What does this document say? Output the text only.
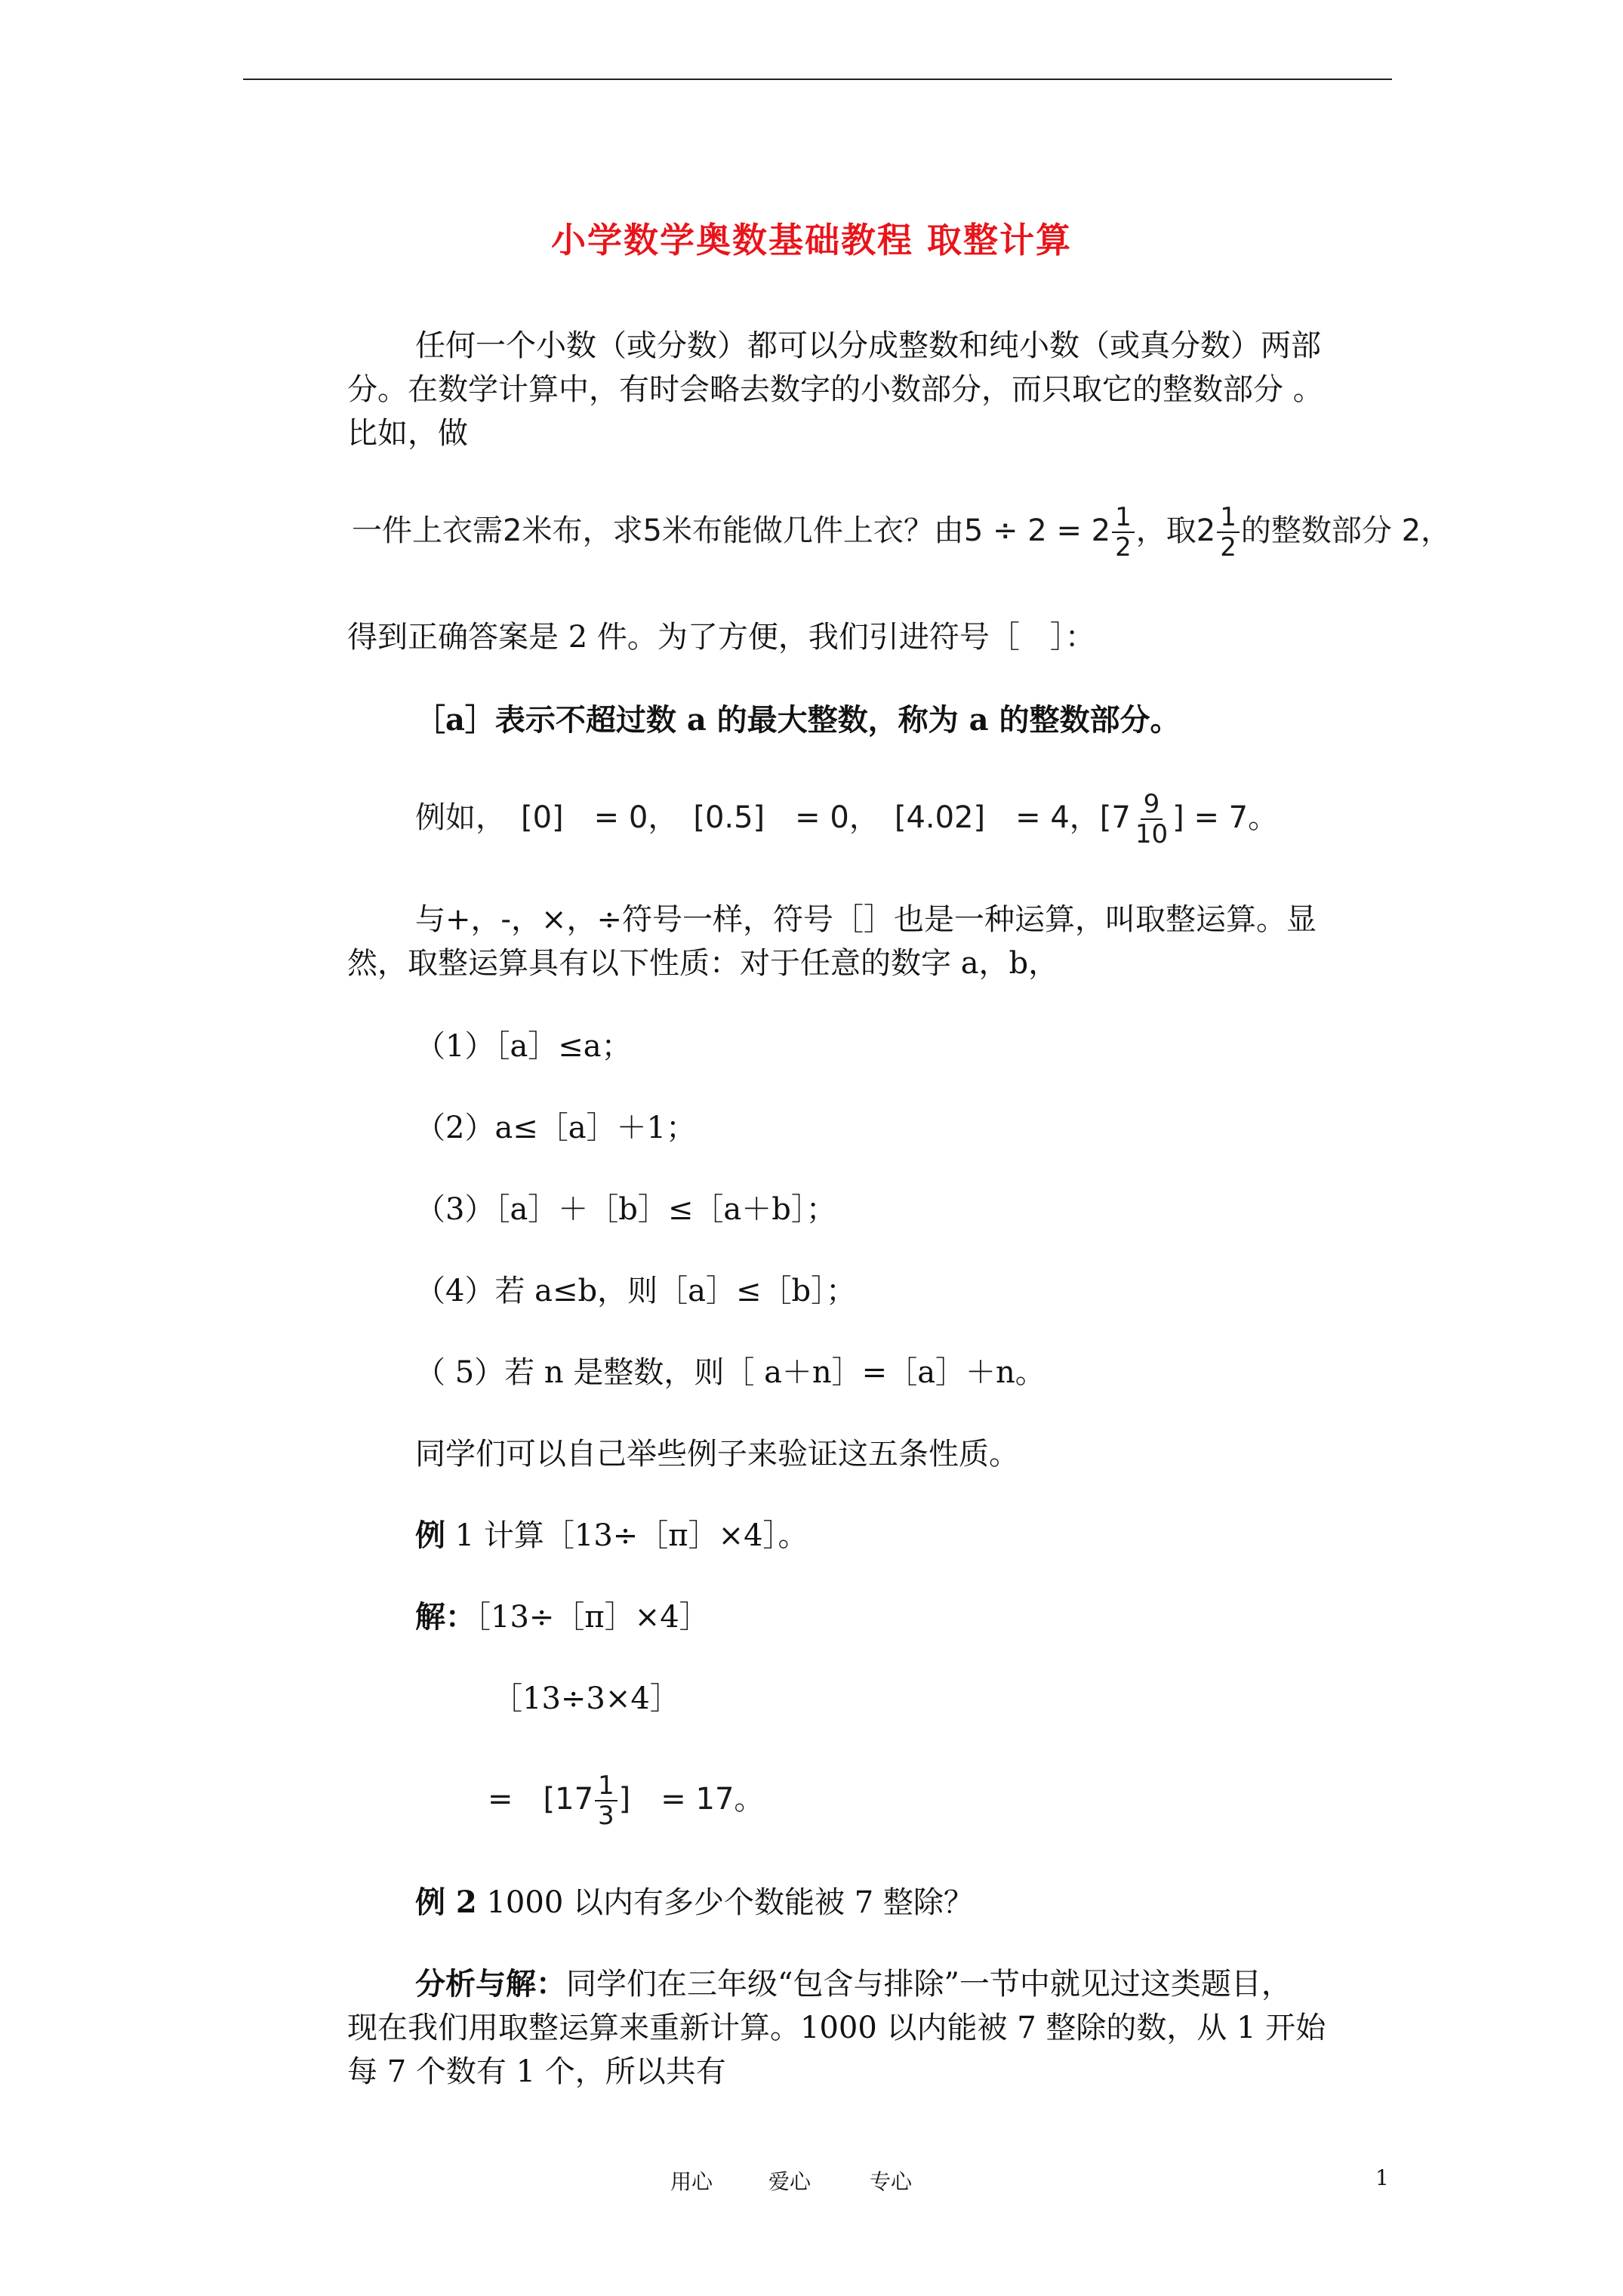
小学数学奥数基础教程 取整计算
任何一个小数（或分数）都可以分成整数和纯小数（或真分数）两部
分。在数学计算中，有时会略去数字的小数部分，而只取它的整数部分 。
比如，做
一件上衣需2米布，求5米布能做几件上衣？由$5 \div 2 = 2 \frac{1}{2}$ ，取$2 \frac{1}{2}$ 的整数部分 2，
得到正确答案是 2 件。为了方便，我们引进符号［　］：
［a］表示不超过数 a 的最大整数，称为 a 的整数部分。
例如，　[0]　= 0，　[0.5]　= 0，　[4.02]　= 4，[$7 \frac{9}{10}$ ] = 7。
与+，-，×，÷符号一样，符号［］也是一种运算，叫取整运算。显
然，取整运算具有以下性质：对于任意的数字 a，b，
（1）［a］≤a；
（2）a≤［a］＋1；
（3）［a］＋［b］≤［a＋b］；
（4）若 a≤b，则［a］≤［b］；
（ 5）若 n 是整数，则［ a＋n］=［a］＋n。
同学们可以自己举些例子来验证这五条性质。
例 1 计算［13÷［π］×4］。
解：［13÷［π］×4］
［13÷3×4］
=　[$17 \frac{1}{3}$ ]　= 17。
例 2 1000 以内有多少个数能被 7 整除？
分析与解：同学们在三年级“包含与排除”一节中就见过这类题目，
现在我们用取整运算来重新计算。1000 以内能被 7 整除的数，从 1 开始
每 7 个数有 1 个，所以共有
用心	爱心	专心	1
